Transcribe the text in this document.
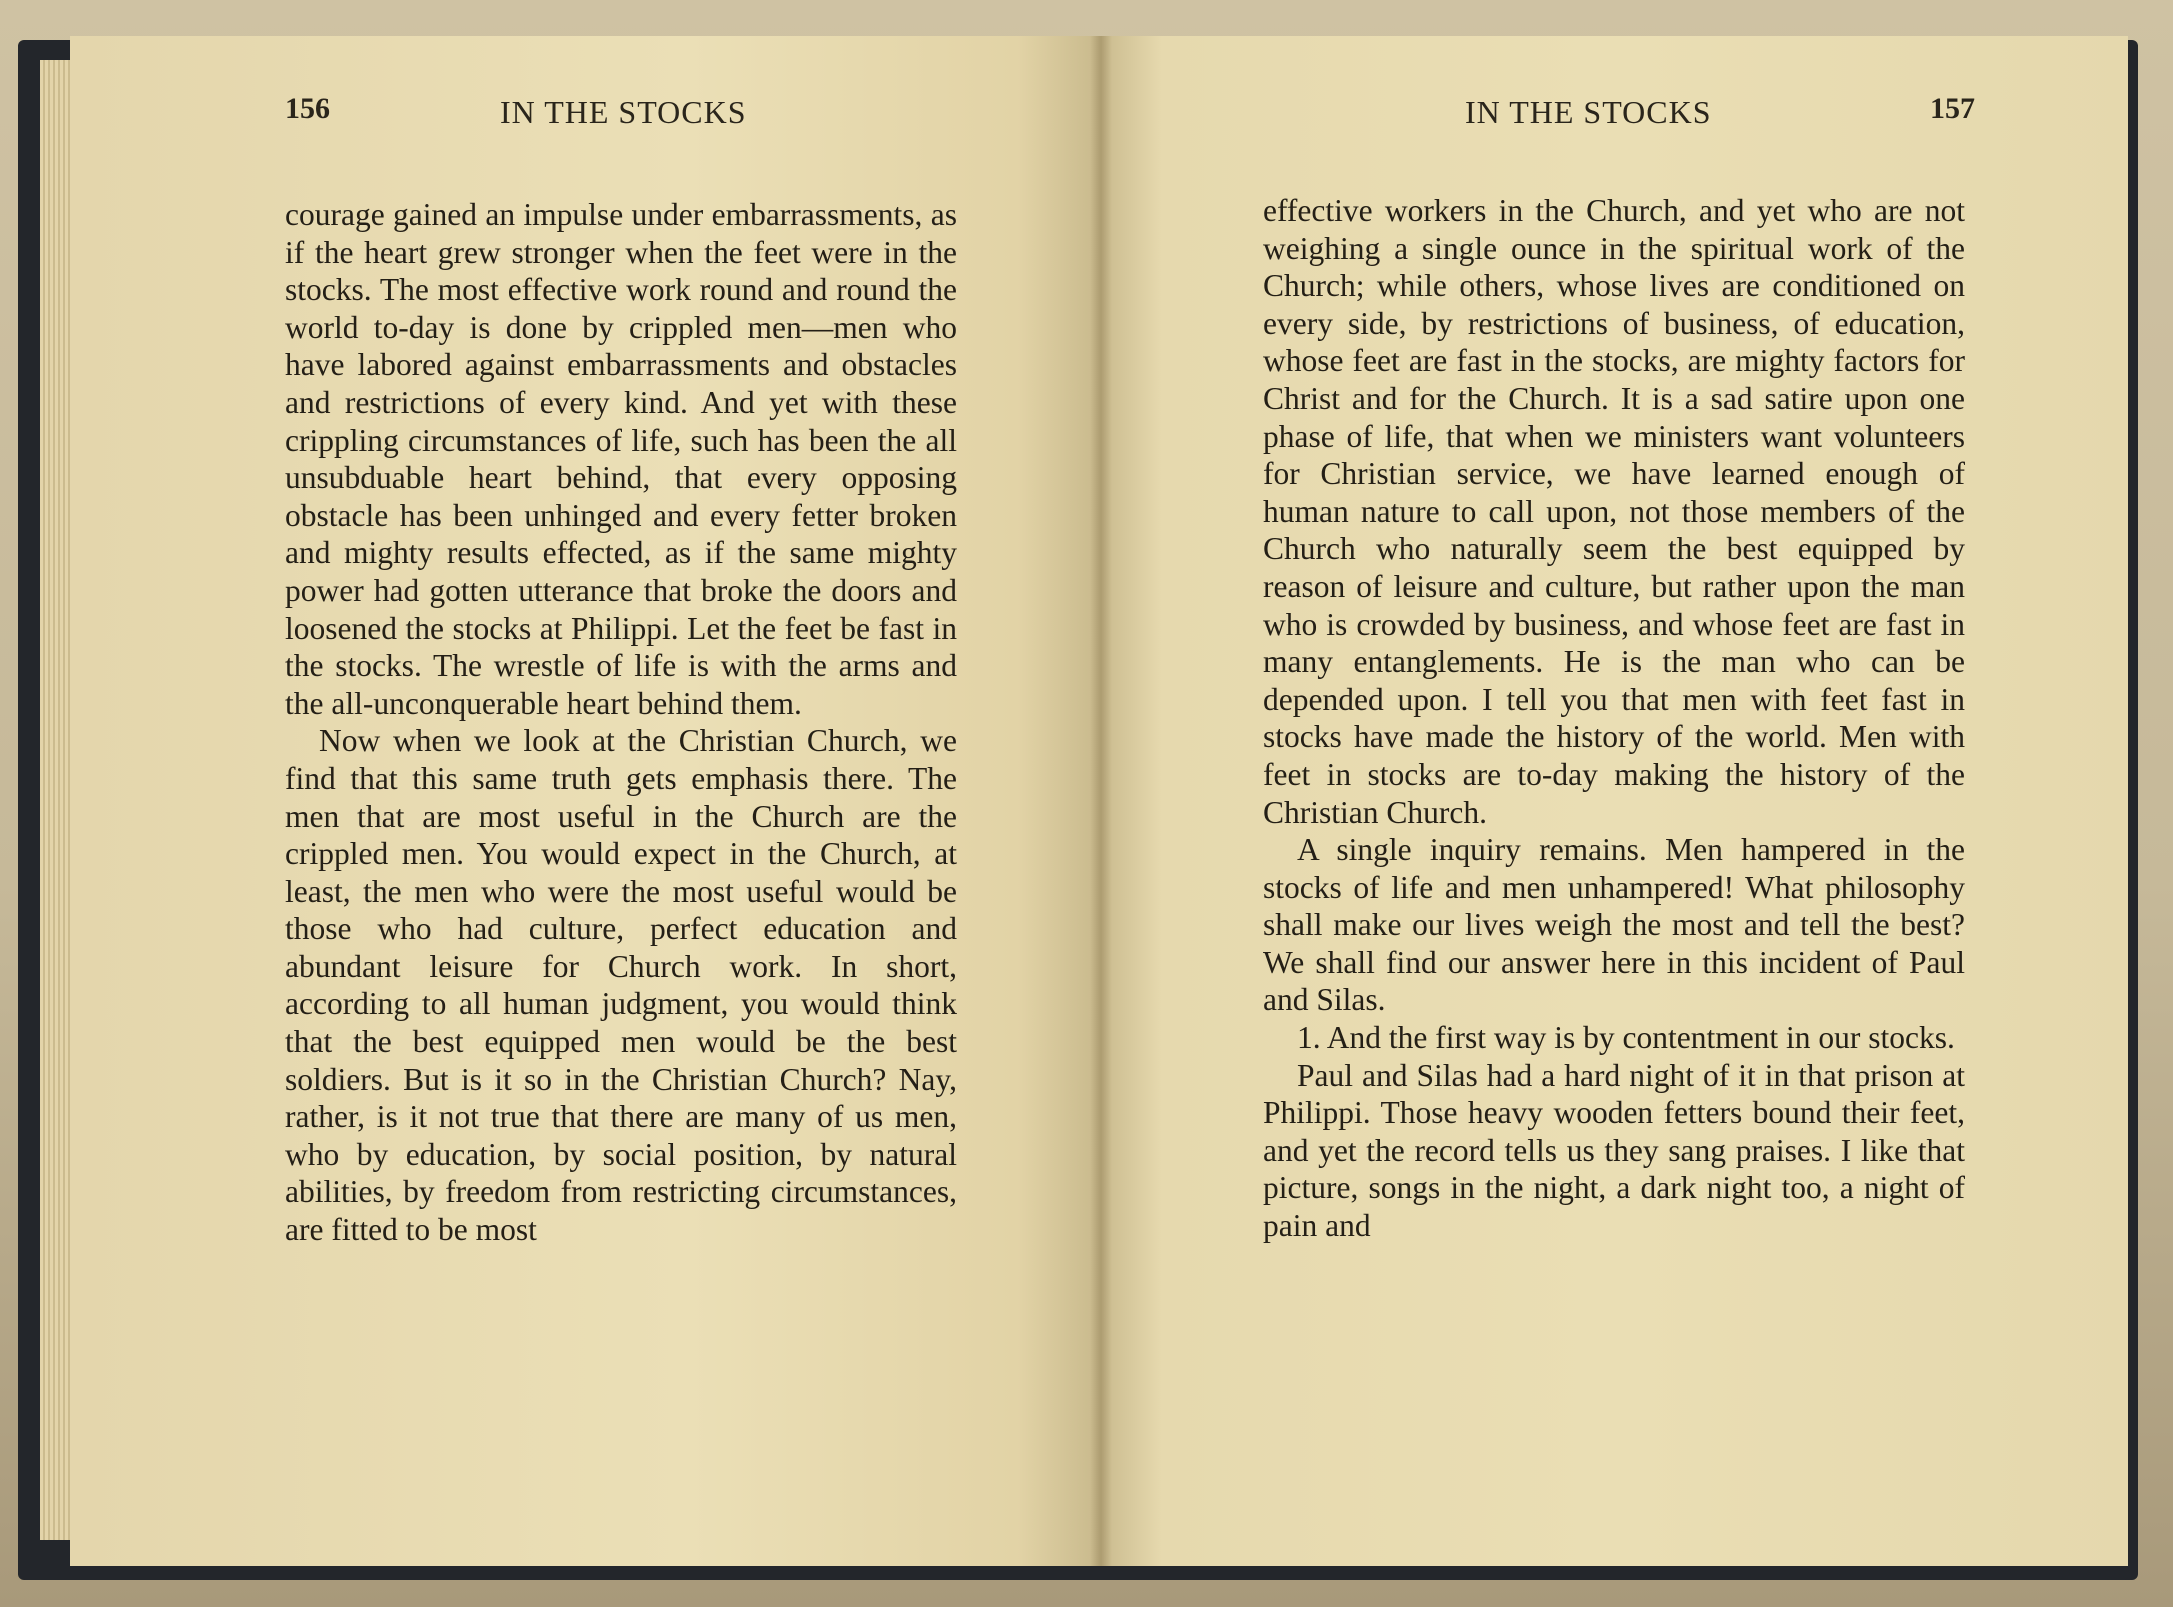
156	IN THE STOCKS	IN THE STOCKS	157

courage gained an impulse under embarrassments, as if the heart grew stronger when the feet were in the stocks. The most effective work round and round the world to-day is done by crippled men—men who have labored against embarrassments and obstacles and restrictions of every kind. And yet with these crippling circumstances of life, such has been the all unsubduable heart behind, that every opposing obstacle has been unhinged and every fetter broken and mighty results effected, as if the same mighty power had gotten utterance that broke the doors and loosened the stocks at Philippi. Let the feet be fast in the stocks. The wrestle of life is with the arms and the all-unconquerable heart behind them.

Now when we look at the Christian Church, we find that this same truth gets emphasis there. The men that are most useful in the Church are the crippled men. You would expect in the Church, at least, the men who were the most useful would be those who had culture, perfect education and abundant leisure for Church work. In short, according to all human judgment, you would think that the best equipped men would be the best soldiers. But is it so in the Christian Church? Nay, rather, is it not true that there are many of us men, who by education, by social position, by natural abilities, by freedom from restricting circumstances, are fitted to be most

effective workers in the Church, and yet who are not weighing a single ounce in the spiritual work of the Church; while others, whose lives are conditioned on every side, by restrictions of business, of education, whose feet are fast in the stocks, are mighty factors for Christ and for the Church. It is a sad satire upon one phase of life, that when we ministers want volunteers for Christian service, we have learned enough of human nature to call upon, not those members of the Church who naturally seem the best equipped by reason of leisure and culture, but rather upon the man who is crowded by business, and whose feet are fast in many entanglements. He is the man who can be depended upon. I tell you that men with feet fast in stocks have made the history of the world. Men with feet in stocks are to-day making the history of the Christian Church.

A single inquiry remains. Men hampered in the stocks of life and men unhampered! What philosophy shall make our lives weigh the most and tell the best? We shall find our answer here in this incident of Paul and Silas.

1. And the first way is by contentment in our stocks.

Paul and Silas had a hard night of it in that prison at Philippi. Those heavy wooden fetters bound their feet, and yet the record tells us they sang praises. I like that picture, songs in the night, a dark night too, a night of pain and
